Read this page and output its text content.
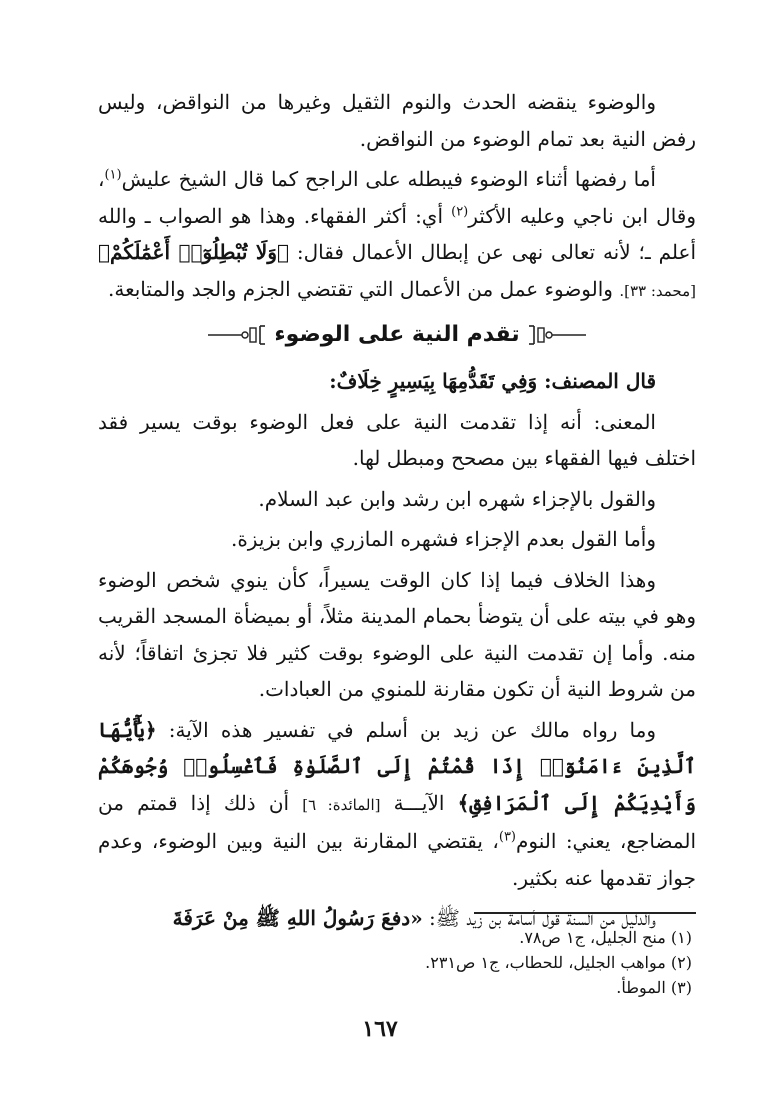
والوضوء ينقضه الحدث والنوم الثقيل وغيرها من النواقض، وليس رفض النية بعد تمام الوضوء من النواقض.

أما رفضها أثناء الوضوء فيبطله على الراجح كما قال الشيخ عليش$^{(١)}$، وقال ابن ناجي وعليه الأكثر$^{(٢)}$ أي: أكثر الفقهاء. وهذا هو الصواب ـ والله أعلم ـ؛ لأنه تعالى نهى عن إبطال الأعمال فقال: ﴿وَلَا تُبْطِلُوٓا۟ أَعْمَٰلَكُمْ﴾ [محمد: ٣٣]. والوضوء عمل من الأعمال التي تقتضي الجزم والجد والمتابعة.

تقدم النية على الوضوء

قال المصنف: وَفِي تَقَدُّمِهَا بِيَسِيرٍ خِلَافٌ:

المعنى: أنه إذا تقدمت النية على فعل الوضوء بوقت يسير فقد اختلف فيها الفقهاء بين مصحح ومبطل لها.

والقول بالإجزاء شهره ابن رشد وابن عبد السلام.

وأما القول بعدم الإجزاء فشهره المازري وابن بزيزة.

وهذا الخلاف فيما إذا كان الوقت يسيراً، كأن ينوي شخص الوضوء وهو في بيته على أن يتوضأ بحمام المدينة مثلاً، أو بميضأة المسجد القريب منه. وأما إن تقدمت النية على الوضوء بوقت كثير فلا تجزئ اتفاقاً؛ لأنه من شروط النية أن تكون مقارنة للمنوي من العبادات.

وما رواه مالك عن زيد بن أسلم في تفسير هذه الآية: ﴿يَٰٓأَيُّهَا ٱلَّذِينَ ءَامَنُوٓا۟ إِذَا قُمْتُمْ إِلَى ٱلصَّلَوٰةِ فَٱغْسِلُوا۟ وُجُوهَكُمْ وَأَيْدِيَكُمْ إِلَى ٱلْمَرَافِقِ﴾ الآيـــة [المائدة: ٦] أن ذلك إذا قمتم من المضاجع، يعني: النوم$^{(٣)}$، يقتضي المقارنة بين النية وبين الوضوء، وعدم جواز تقدمها عنه بكثير.

والدليل من السنة قول أسامة بن زيد ﷺ: «دفعَ رَسُولُ اللهِ ﷺ مِنْ عَرَفَةَ

(١) منح الجليل، ج١ ص٧٨.
(٢) مواهب الجليل، للحطاب، ج١ ص٢٣١.
(٣) الموطأ.
١٦٧
